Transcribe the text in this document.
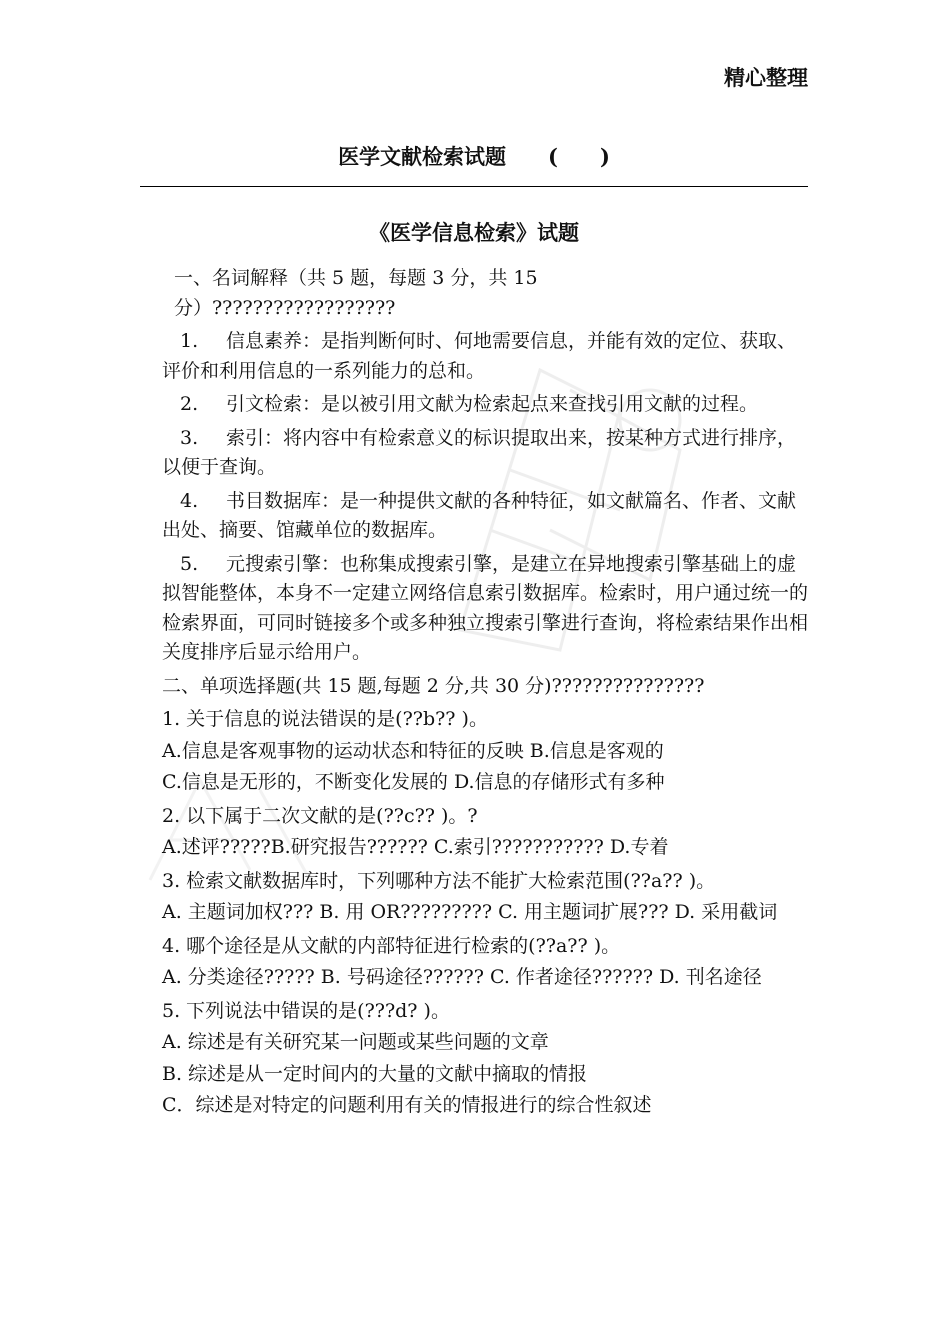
精心整理
医学文献检索试题　　(　　)
《医学信息检索》试题

一、名词解释（共 5 题，每题 3 分，共 15 分）??????????????????

1. 信息素养：是指判断何时、何地需要信息，并能有效的定位、获取、评价和利用信息的一系列能力的总和。

2. 引文检索：是以被引用文献为检索起点来查找引用文献的过程。

3. 索引：将内容中有检索意义的标识提取出来，按某种方式进行排序，以便于查询。

4. 书目数据库：是一种提供文献的各种特征，如文献篇名、作者、文献出处、摘要、馆藏单位的数据库。

5. 元搜索引擎：也称集成搜索引擎，是建立在异地搜索引擎基础上的虚拟智能整体，本身不一定建立网络信息索引数据库。检索时，用户通过统一的检索界面，可同时链接多个或多种独立搜索引擎进行查询，将检索结果作出相关度排序后显示给用户。

二、单项选择题(共 15 题,每题 2 分,共 30 分)???????????????

1. 关于信息的说法错误的是(??b?? )。

A.信息是客观事物的运动状态和特征的反映 B.信息是客观的

C.信息是无形的，不断变化发展的 D.信息的存储形式有多种

2. 以下属于二次文献的是(??c?? )。?

A.述评?????B.研究报告?????? C.索引??????????? D.专着

3. 检索文献数据库时，下列哪种方法不能扩大检索范围(??a?? )。

A. 主题词加权??? B. 用 OR????????? C. 用主题词扩展??? D. 采用截词

4. 哪个途径是从文献的内部特征进行检索的(??a?? )。

A. 分类途径????? B. 号码途径?????? C. 作者途径?????? D. 刊名途径

5. 下列说法中错误的是(???d? )。

A. 综述是有关研究某一问题或某些问题的文章

B. 综述是从一定时间内的大量的文献中摘取的情报

C．综述是对特定的问题利用有关的情报进行的综合性叙述
